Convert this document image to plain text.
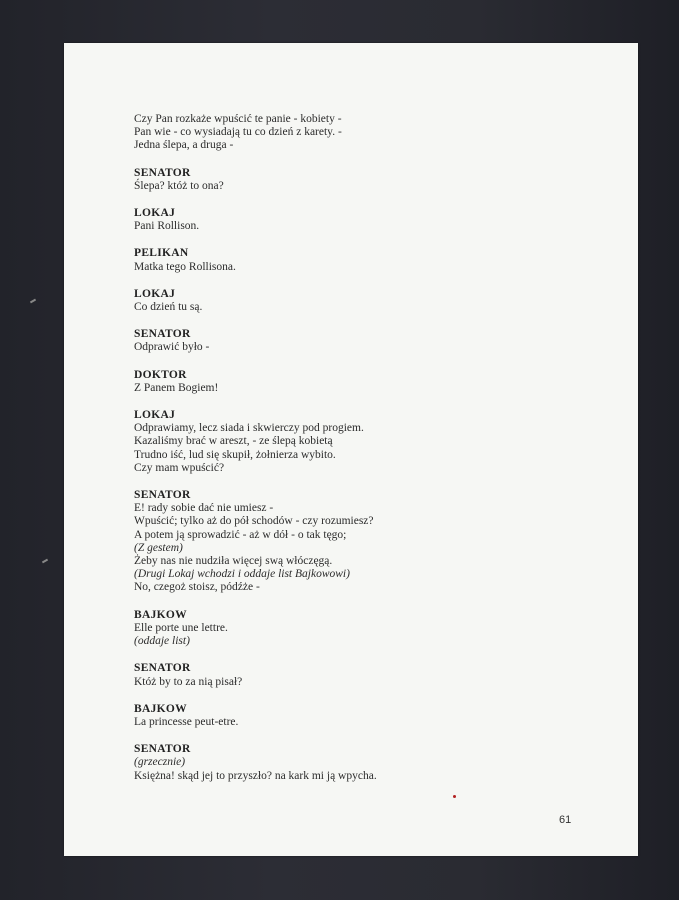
Czy Pan rozkaże wpuścić te panie - kobiety -
Pan wie - co wysiadają tu co dzień z karety. -
Jedna ślepa, a druga -
SENATOR
Ślepa? któż to ona?
LOKAJ
Pani Rollison.
PELIKAN
Matka tego Rollisona.
LOKAJ
Co dzień tu są.
SENATOR
Odprawić było -
DOKTOR
Z Panem Bogiem!
LOKAJ
Odprawiamy, lecz siada i skwierczy pod progiem.
Kazaliśmy brać w areszt, - ze ślepą kobietą
Trudno iść, lud się skupił, żołnierza wybito.
Czy mam wpuścić?
SENATOR
E! rady sobie dać nie umiesz -
Wpuścić; tylko aż do pół schodów - czy rozumiesz?
A potem ją sprowadzić - aż w dół - o tak tęgo;
(Z gestem)
Żeby nas nie nudziła więcej swą włóczęgą.
(Drugi Lokaj wchodzi i oddaje list Bajkowowi)
No, czegoż stoisz, pódźże -
BAJKOW
Elle porte une lettre.
(oddaje list)
SENATOR
Któż by to za nią pisał?
BAJKOW
La princesse peut-etre.
SENATOR
(grzecznie)
Księżna! skąd jej to przyszło? na kark mi ją wpycha.
61
